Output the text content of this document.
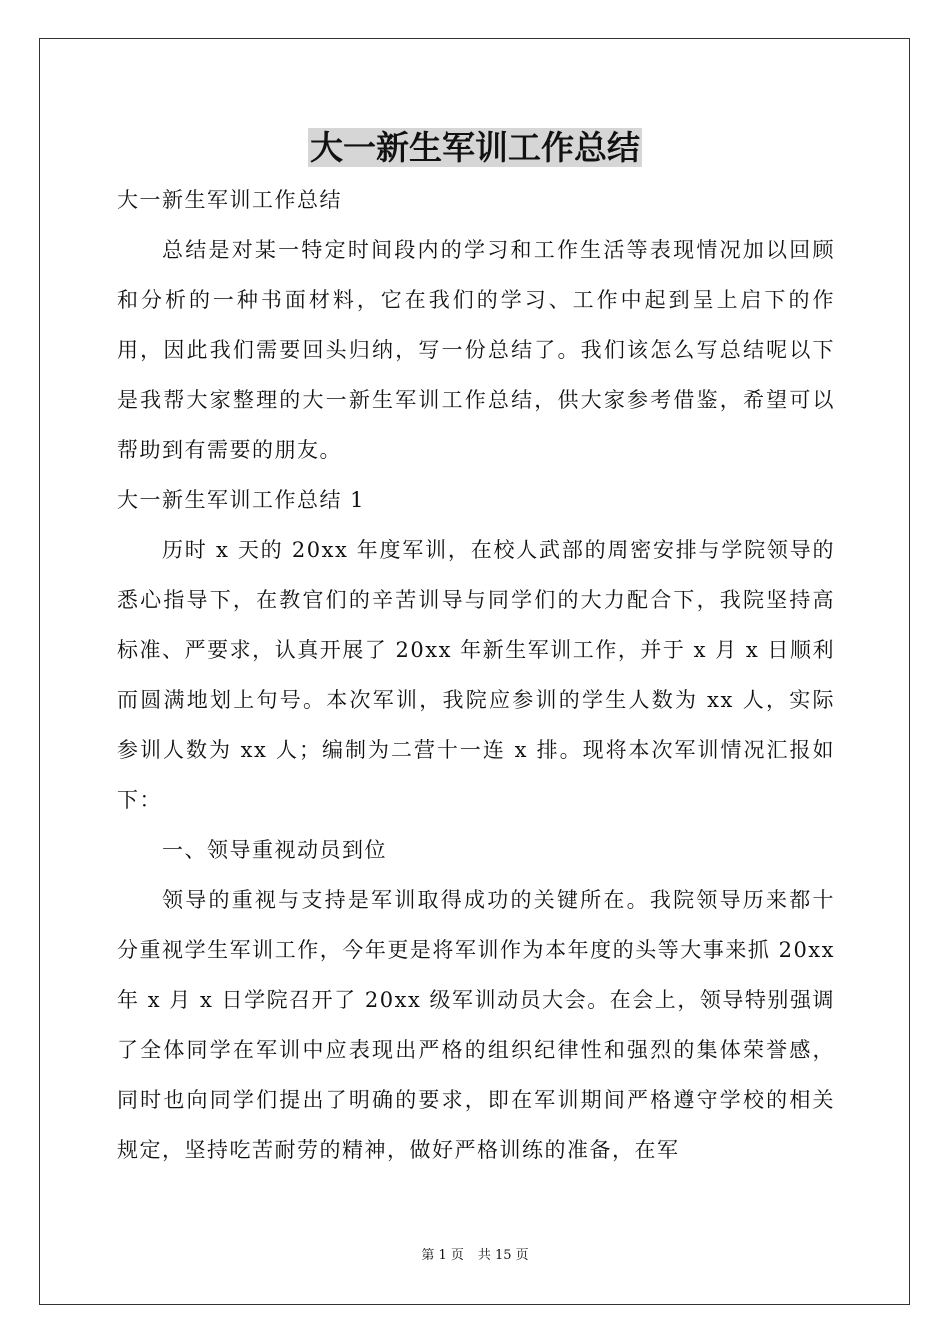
大一新生军训工作总结

大一新生军训工作总结

总结是对某一特定时间段内的学习和工作生活等表现情况加以回顾和分析的一种书面材料，它在我们的学习、工作中起到呈上启下的作用，因此我们需要回头归纳，写一份总结了。我们该怎么写总结呢以下是我帮大家整理的大一新生军训工作总结，供大家参考借鉴，希望可以帮助到有需要的朋友。

大一新生军训工作总结 1

历时 x 天的 20xx 年度军训，在校人武部的周密安排与学院领导的悉心指导下，在教官们的辛苦训导与同学们的大力配合下，我院坚持高标准、严要求，认真开展了 20xx 年新生军训工作，并于 x 月 x 日顺利而圆满地划上句号。本次军训，我院应参训的学生人数为 xx 人，实际参训人数为 xx 人；编制为二营十一连 x 排。现将本次军训情况汇报如下：

一、领导重视动员到位

领导的重视与支持是军训取得成功的关键所在。我院领导历来都十分重视学生军训工作，今年更是将军训作为本年度的头等大事来抓 20xx 年 x 月 x 日学院召开了 20xx 级军训动员大会。在会上，领导特别强调了全体同学在军训中应表现出严格的组织纪律性和强烈的集体荣誉感，同时也向同学们提出了明确的要求，即在军训期间严格遵守学校的相关规定，坚持吃苦耐劳的精神，做好严格训练的准备，在军

第 1 页 共 15 页
